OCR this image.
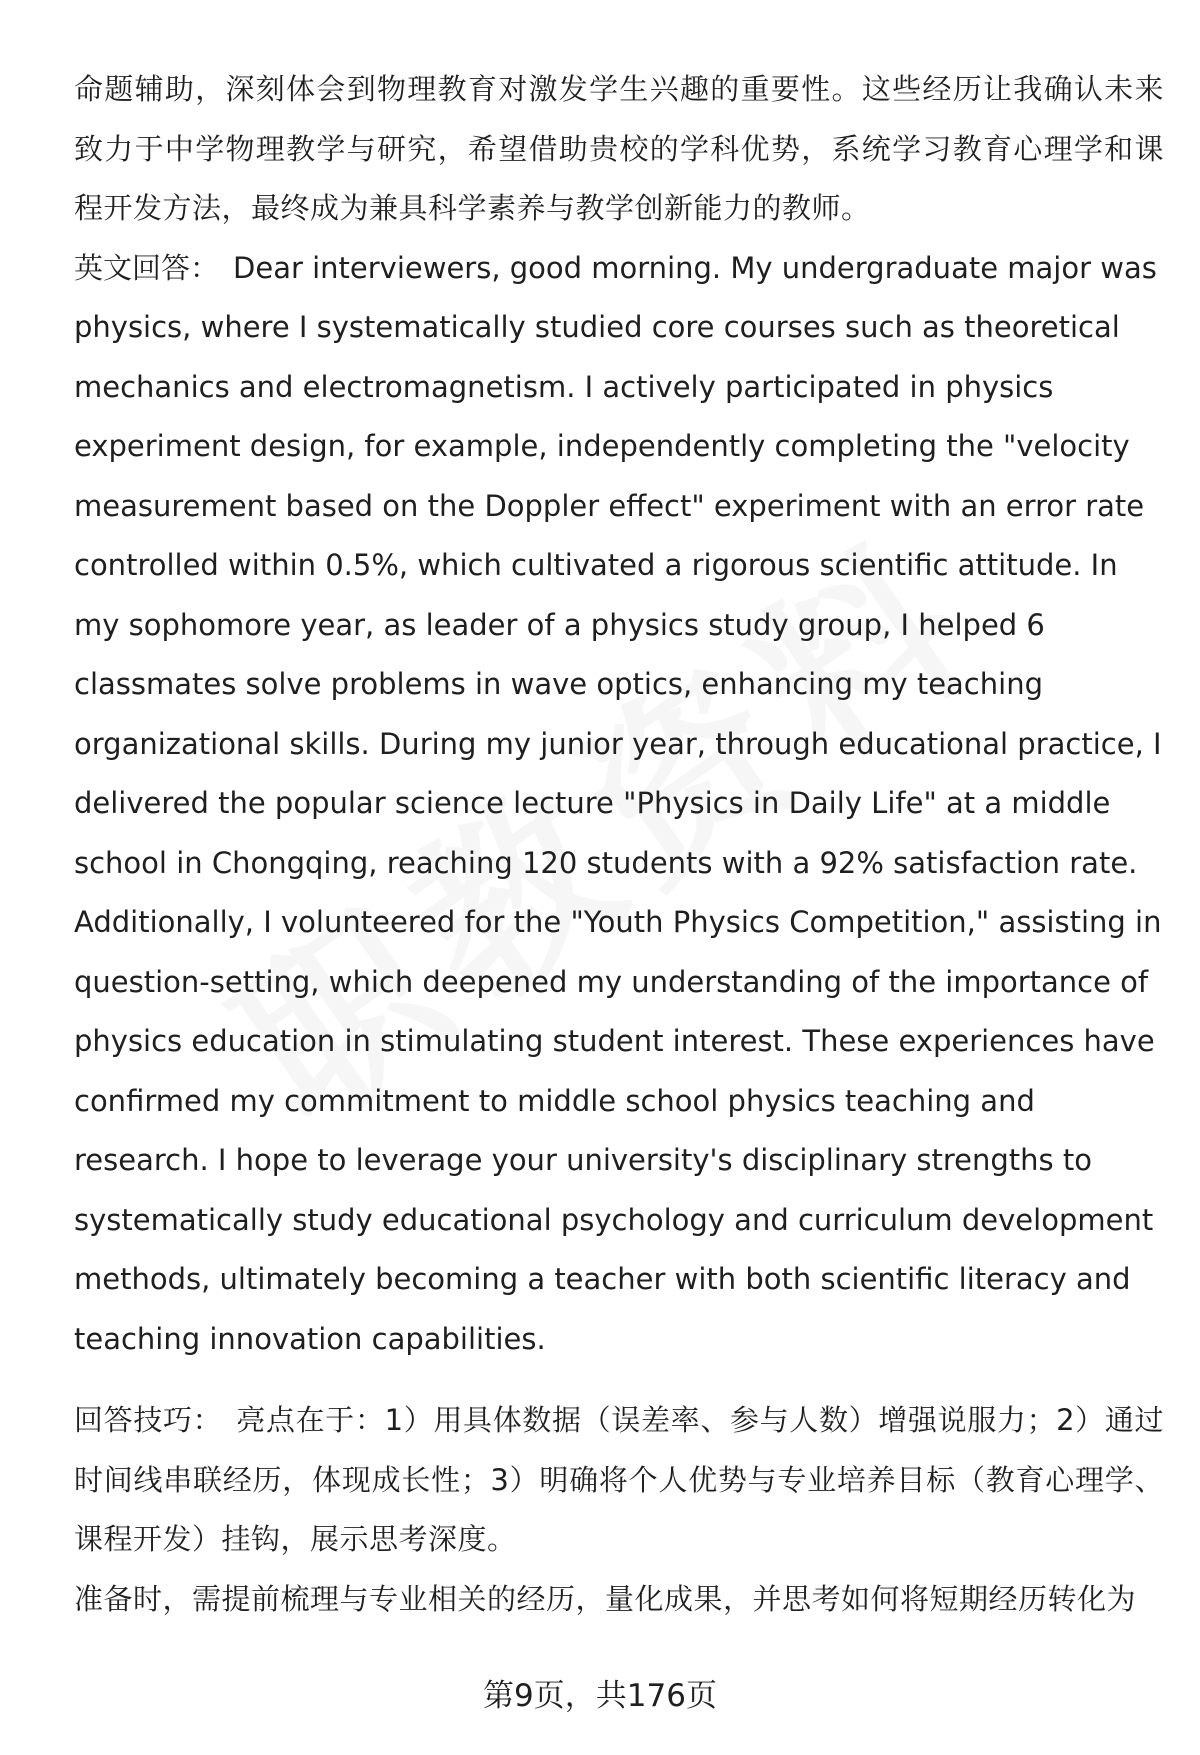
命题辅助，深刻体会到物理教育对激发学生兴趣的重要性。这些经历让我确认未来致力于中学物理教学与研究，希望借助贵校的学科优势，系统学习教育心理学和课程开发方法，最终成为兼具科学素养与教学创新能力的教师。

英文回答： Dear interviewers, good morning. My undergraduate major was physics, where I systematically studied core courses such as theoretical mechanics and electromagnetism. I actively participated in physics experiment design, for example, independently completing the "velocity measurement based on the Doppler effect" experiment with an error rate controlled within 0.5%, which cultivated a rigorous scientific attitude. In my sophomore year, as leader of a physics study group, I helped 6 classmates solve problems in wave optics, enhancing my teaching organizational skills. During my junior year, through educational practice, I delivered the popular science lecture "Physics in Daily Life" at a middle school in Chongqing, reaching 120 students with a 92% satisfaction rate. Additionally, I volunteered for the "Youth Physics Competition," assisting in question-setting, which deepened my understanding of the importance of physics education in stimulating student interest. These experiences have confirmed my commitment to middle school physics teaching and research. I hope to leverage your university's disciplinary strengths to systematically study educational psychology and curriculum development methods, ultimately becoming a teacher with both scientific literacy and teaching innovation capabilities.

回答技巧： 亮点在于：1）用具体数据（误差率、参与人数）增强说服力；2）通过时间线串联经历，体现成长性；3）明确将个人优势与专业培养目标（教育心理学、课程开发）挂钩，展示思考深度。

准备时，需提前梳理与专业相关的经历，量化成果，并思考如何将短期经历转化为

第9页，共176页
